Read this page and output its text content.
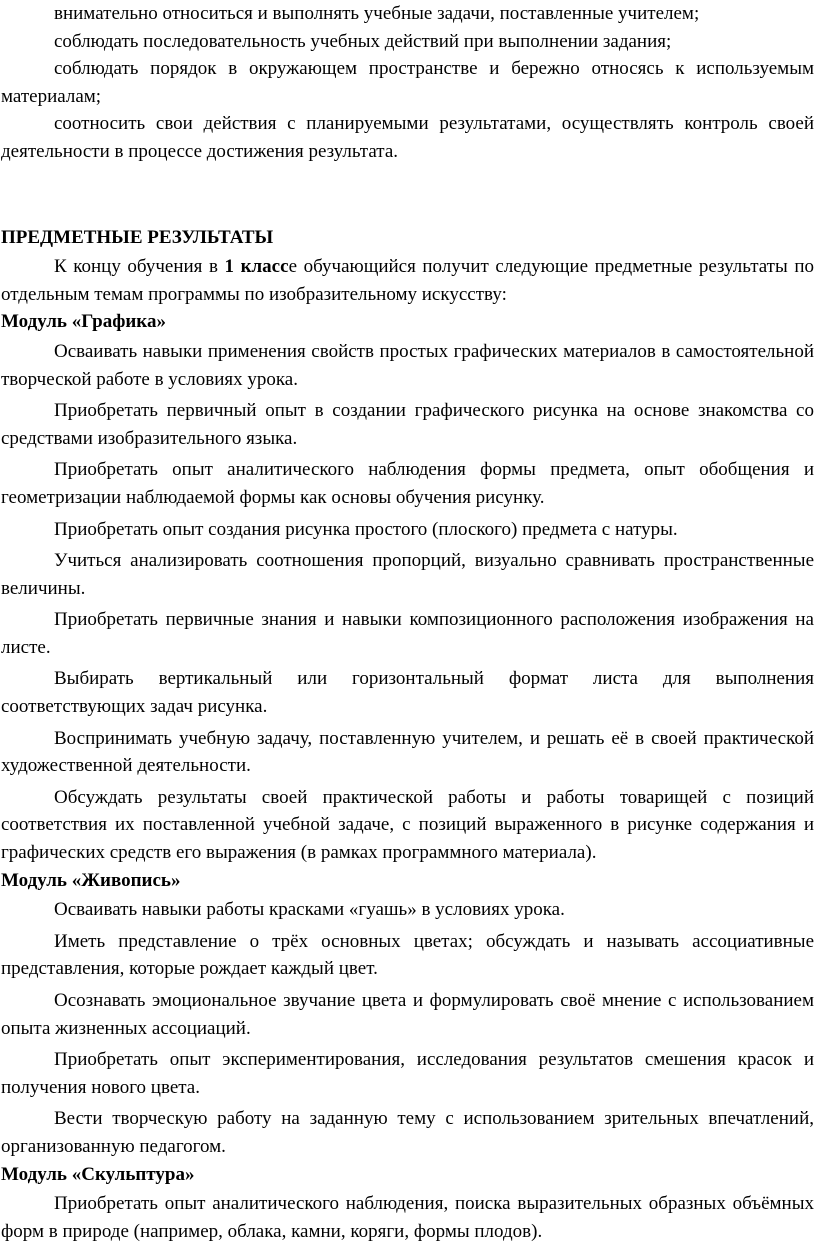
внимательно относиться и выполнять учебные задачи, поставленные учителем;

соблюдать последовательность учебных действий при выполнении задания;

соблюдать порядок в окружающем пространстве и бережно относясь к используемым материалам;

соотносить свои действия с планируемыми результатами, осуществлять контроль своей деятельности в процессе достижения результата.

ПРЕДМЕТНЫЕ РЕЗУЛЬТАТЫ

К концу обучения в 1 классе обучающийся получит следующие предметные результаты по отдельным темам программы по изобразительному искусству:

Модуль «Графика»

Осваивать навыки применения свойств простых графических материалов в самостоятельной творческой работе в условиях урока.

Приобретать первичный опыт в создании графического рисунка на основе знакомства со средствами изобразительного языка.

Приобретать опыт аналитического наблюдения формы предмета, опыт обобщения и геометризации наблюдаемой формы как основы обучения рисунку.

Приобретать опыт создания рисунка простого (плоского) предмета с натуры.

Учиться анализировать соотношения пропорций, визуально сравнивать пространственные величины.

Приобретать первичные знания и навыки композиционного расположения изображения на листе.

Выбирать вертикальный или горизонтальный формат листа для выполнения соответствующих задач рисунка.

Воспринимать учебную задачу, поставленную учителем, и решать её в своей практической художественной деятельности.

Обсуждать результаты своей практической работы и работы товарищей с позиций соответствия их поставленной учебной задаче, с позиций выраженного в рисунке содержания и графических средств его выражения (в рамках программного материала).

Модуль «Живопись»

Осваивать навыки работы красками «гуашь» в условиях урока.

Иметь представление о трёх основных цветах; обсуждать и называть ассоциативные представления, которые рождает каждый цвет.

Осознавать эмоциональное звучание цвета и формулировать своё мнение с использованием опыта жизненных ассоциаций.

Приобретать опыт экспериментирования, исследования результатов смешения красок и получения нового цвета.

Вести творческую работу на заданную тему с использованием зрительных впечатлений, организованную педагогом.

Модуль «Скульптура»

Приобретать опыт аналитического наблюдения, поиска выразительных образных объёмных форм в природе (например, облака, камни, коряги, формы плодов).
